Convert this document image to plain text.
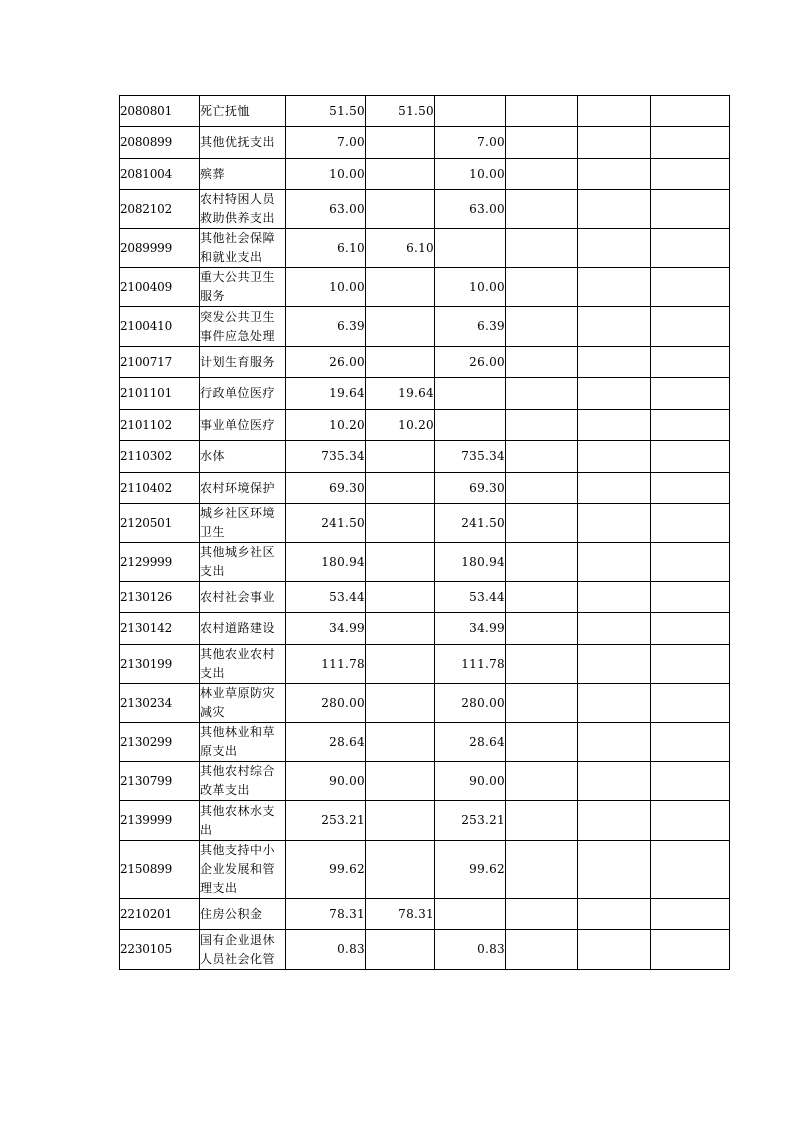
2080801	死亡抚恤	51.50	51.50				
2080899	其他优抚支出	7.00		7.00			
2081004	殡葬	10.00		10.00			
2082102	农村特困人员救助供养支出	63.00		63.00			
2089999	其他社会保障和就业支出	6.10	6.10				
2100409	重大公共卫生服务	10.00		10.00			
2100410	突发公共卫生事件应急处理	6.39		6.39			
2100717	计划生育服务	26.00		26.00			
2101101	行政单位医疗	19.64	19.64				
2101102	事业单位医疗	10.20	10.20				
2110302	水体	735.34		735.34			
2110402	农村环境保护	69.30		69.30			
2120501	城乡社区环境卫生	241.50		241.50			
2129999	其他城乡社区支出	180.94		180.94			
2130126	农村社会事业	53.44		53.44			
2130142	农村道路建设	34.99		34.99			
2130199	其他农业农村支出	111.78		111.78			
2130234	林业草原防灾减灾	280.00		280.00			
2130299	其他林业和草原支出	28.64		28.64			
2130799	其他农村综合改革支出	90.00		90.00			
2139999	其他农林水支出	253.21		253.21			
2150899	其他支持中小企业发展和管理支出	99.62		99.62			
2210201	住房公积金	78.31	78.31				
2230105	国有企业退休人员社会化管	0.83		0.83			
